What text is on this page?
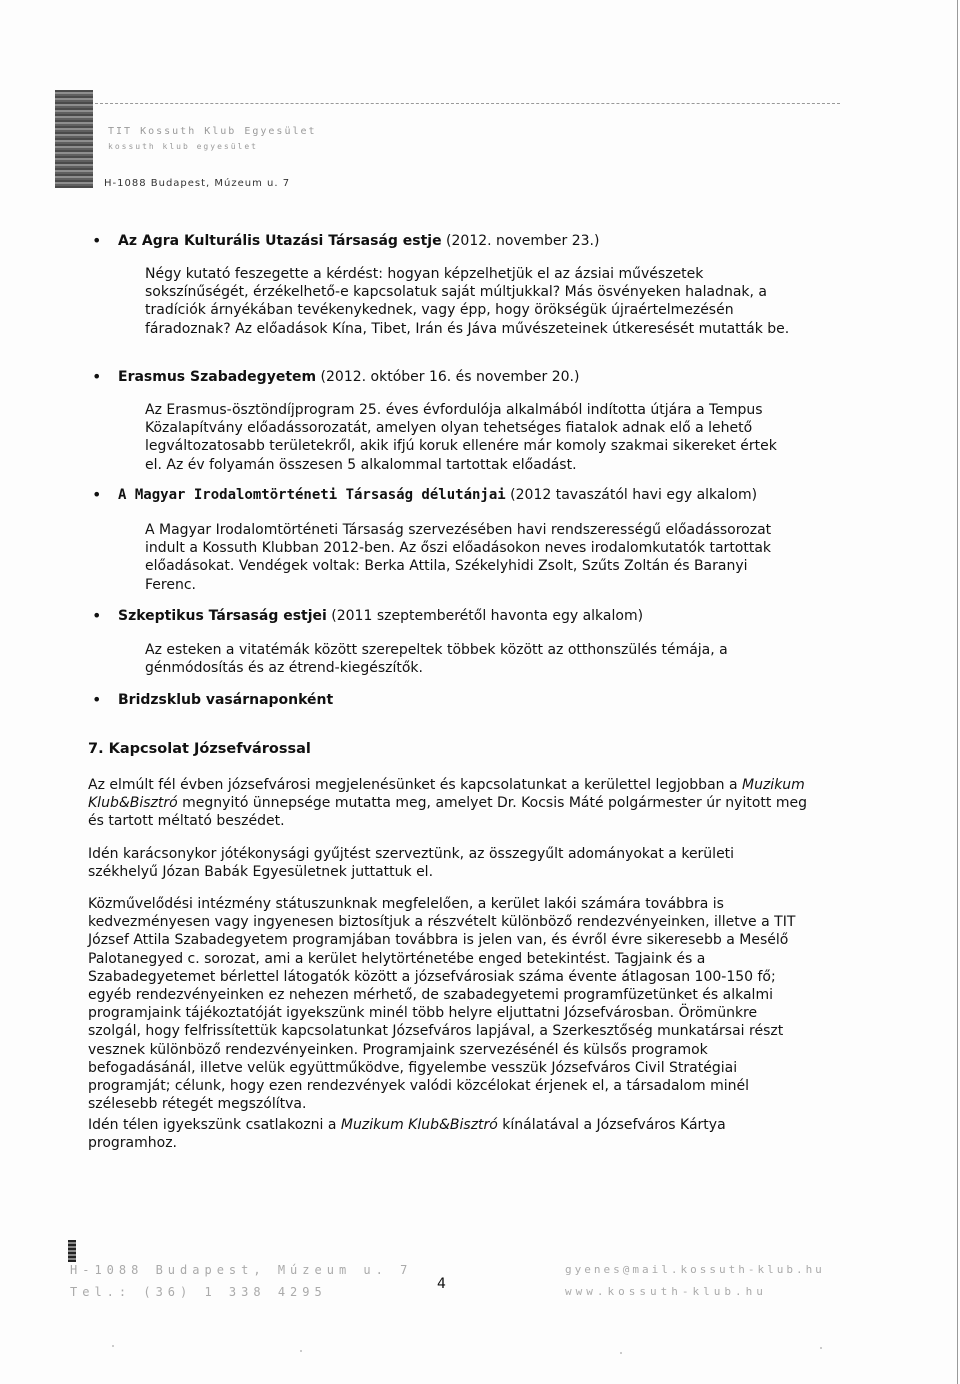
TIT Kossuth Klub Egyesület
kossuth klub egyesület
H-1088 Budapest, Múzeum u. 7
• Az Agra Kulturális Utazási Társaság estje (2012. november 23.)

Négy kutató feszegette a kérdést: hogyan képzelhetjük el az ázsiai művészetek sokszínűségét, érzékelhető-e kapcsolatuk saját múltjukkal? Más ösvényeken haladnak, a tradíciók árnyékában tevékenykednek, vagy épp, hogy örökségük újraértelmezésén fáradoznak? Az előadások Kína, Tibet, Irán és Jáva művészeteinek útkeresését mutatták be.

• Erasmus Szabadegyetem (2012. október 16. és november 20.)

Az Erasmus-ösztöndíjprogram 25. éves évfordulója alkalmából indította útjára a Tempus Közalapítvány előadássorozatát, amelyen olyan tehetséges fiatalok adnak elő a lehető legváltozatosabb területekről, akik ifjú koruk ellenére már komoly szakmai sikereket értek el. Az év folyamán összesen 5 alkalommal tartottak előadást.

• A Magyar Irodalomtörténeti Társaság délutánjai (2012 tavaszától havi egy alkalom)

A Magyar Irodalomtörténeti Társaság szervezésében havi rendszerességű előadássorozat indult a Kossuth Klubban 2012-ben. Az őszi előadásokon neves irodalomkutatók tartottak előadásokat. Vendégek voltak: Berka Attila, Székelyhidi Zsolt, Szűts Zoltán és Baranyi Ferenc.

• Szkeptikus Társaság estjei (2011 szeptemberétől havonta egy alkalom)

Az esteken a vitatémák között szerepeltek többek között az otthonszülés témája, a génmódosítás és az étrend-kiegészítők.

• Bridzsklub vasárnaponként
7. Kapcsolat Józsefvárossal

Az elmúlt fél évben józsefvárosi megjelenésünket és kapcsolatunkat a kerülettel legjobban a Muzikum Klub&Bisztró megnyitó ünnepsége mutatta meg, amelyet Dr. Kocsis Máté polgármester úr nyitott meg és tartott méltató beszédet.

Idén karácsonykor jótékonysági gyűjtést szerveztünk, az összegyűlt adományokat a kerületi székhelyű Józan Babák Egyesületnek juttattuk el.

Közművelődési intézmény státuszunknak megfelelően, a kerület lakói számára továbbra is kedvezményesen vagy ingyenesen biztosítjuk a részvételt különböző rendezvényeinken, illetve a TIT József Attila Szabadegyetem programjában továbbra is jelen van, és évről évre sikeresebb a Mesélő Palotanegyed c. sorozat, ami a kerület helytörténetébe enged betekintést. Tagjaink és a Szabadegyetemet bérlettel látogatók között a józsefvárosiak száma évente átlagosan 100-150 fő; egyéb rendezvényeinken ez nehezen mérhető, de szabadegyetemi programfüzetünket és alkalmi programjaink tájékoztatóját igyekszünk minél több helyre eljuttatni Józsefvárosban. Örömünkre szolgál, hogy felfrissítettük kapcsolatunkat Józsefváros lapjával, a Szerkesztőség munkatársai részt vesznek különböző rendezvényeinken. Programjaink szervezésénél és külsős programok befogadásánál, illetve velük együttműködve, figyelembe vesszük Józsefváros Civil Stratégiai programját; célunk, hogy ezen rendezvények valódi közcélokat érjenek el, a társadalom minél szélesebb rétegét megszólítva.

Idén télen igyekszünk csatlakozni a Muzikum Klub&Bisztró kínálatával a Józsefváros Kártya programhoz.

H-1088 Budapest, Múzeum u. 7
Tel.: (36) 1 338 4295	4
gyenes@mail.kossuth-klub.hu
www.kossuth-klub.hu
